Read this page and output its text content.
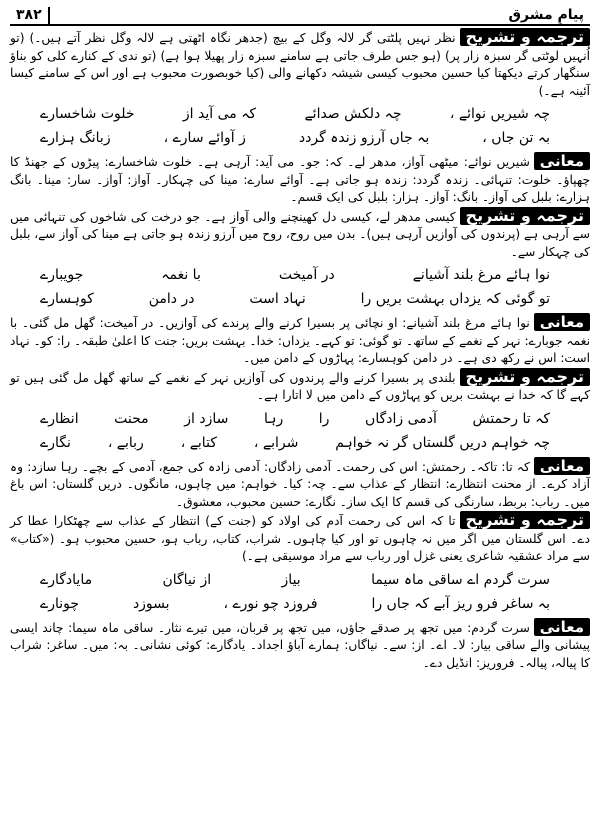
۳۸۲	پیامِ مشرق

ترجمہ و تشریحنظر نہیں پلٹتی گر لالہ وگل کے بیچ (جدھر نگاہ اٹھتی ہے لالہ وگل نظر آتے ہیں۔) (تو اُنہیں لوٹتی گر سبزہ زار پر) (ہو جس طرف جاتی ہے سامنے سبزہ زار پھیلا ہوا ہے) (تو ندی کے کنارے کلی کو بناؤ سنگھار کرتے دیکھتا کیا حسین محبوب کیسی شیشہ دکھانے والی (کیا خوبصورت محبوب ہے اور اس کے سامنے کیسا آئینہ ہے۔)

چہ شیریں نوائے ،
چہ دلکش صدائے
کہ می آید از
خلوت شاخسارے
بہ تن جاں ،
بہ جاں آرزو زندہ گردد
ز آوائے سارے ،
زبانگ ہزارے

معانیشیریں نوائے: میٹھی آواز، مدھر لے۔ کہ: جو۔ می آید: آرہی ہے۔ خلوت شاخسارے: پیڑوں کے جھنڈ کا چھپاؤ۔ خلوت: تنہائی۔ زندہ گردد: زندہ ہو جاتی ہے۔ آوائے سارے: مینا کی چہکار۔ آواز: آواز۔ سار: مینا۔ بانگ ہزارے: بلبل کی آواز۔ بانگ: آواز۔ ہزار: بلبل کی ایک قسم۔

ترجمہ و تشریحکیسی مدھر لے، کیسی دل کھینچنے والی آواز ہے۔ جو درخت کی شاخوں کی تنہائی میں سے آرہی ہے (پرندوں کی آوازیں آرہی ہیں)۔ بدن میں روح، روح میں آرزو زندہ ہو جاتی ہے مینا کی آواز سے، بلبل کی چہکار سے۔

نوا ہائے مرغ بلند آشیانے
در آمیخت
با نغمہ
جویبارے
تو گوئی کہ یزداں بہشت بریں را
نہاد است
در دامن
کوہسارے

معانینوا ہائے مرغ بلند آشیانے: او نچائی پر بسیرا کرنے والے پرندے کی آوازیں۔ در آمیخت: گھل مل گئی۔ با نغمہ جوبارے: نہر کے نغمے کے ساتھ۔ تو گوئی: تو کہے۔ یزداں: خدا۔ بہشت بریں: جنت کا اعلیٰ طبقہ۔ را: کو۔ نہاد است: اس نے رکھ دی ہے۔ در دامن کوہسارے: پہاڑوں کے دامن میں۔

ترجمہ و تشریحبلندی پر بسیرا کرنے والے پرندوں کی آوازیں نہر کے نغمے کے ساتھ گھل مل گئی ہیں تو کہے گا کہ خدا نے بہشت بریں کو پہاڑوں کے دامن میں لا اتارا ہے۔

کہ تا رحمتش
آدمی زادگاں
را
رہا
سازد از
محنت
انظارے
چہ خواہم دریں گلستاں گر نہ خواہم
شرابے ،
کتابے ،
ربابے ،
نگارے

معانیکہ تا: تاکہ۔ رحمتش: اس کی رحمت۔ آدمی زادگاں: آدمی زادہ کی جمع، آدمی کے بچے۔ رہا سازد: وہ آزاد کرے۔ از محنت انتظارے: انتظار کے عذاب سے۔ چہ: کیا۔ خواہم: میں چاہوں، مانگوں۔ دریں گلستاں: اس باغ میں۔ رباب: بربط، سارنگی کی قسم کا ایک ساز۔ نگارے: حسین محبوب، معشوق۔

ترجمہ و تشریحتا کہ اس کی رحمت آدم کی اولاد کو (جنت کے) انتظار کے عذاب سے چھٹکارا عطا کر دے۔ اس گلستان میں اگر میں نہ چاہوں تو اور کیا چاہوں۔ شراب، کتاب، رباب ہو، حسین محبوب ہو۔ («کتاب» سے مراد عشقیہ شاعری یعنی غزل اور رباب سے مراد موسیقی ہے۔)

سرت گردم اے ساقی ماہ سیما
بیاز
از نیاگان
مایادگارے
بہ ساغر فرو ریز آبے کہ جاں را
فروزد چو نورے ،
بسوزد
چونارے

معانیسرت گردم: میں تجھ پر صدقے جاؤں، میں تجھ پر قربان، میں تیرے نثار۔ ساقی ماہ سیما: چاند ایسی پیشانی والے ساقی بیار: لا۔ اے۔ از: سے۔ نیاگاں: ہمارے آباؤ اجداد۔ یادگارے: کوئی نشانی۔ بہ: میں۔ ساغر: شراب کا پیالہ، پیالہ۔ فروریز: انڈیل دے۔
